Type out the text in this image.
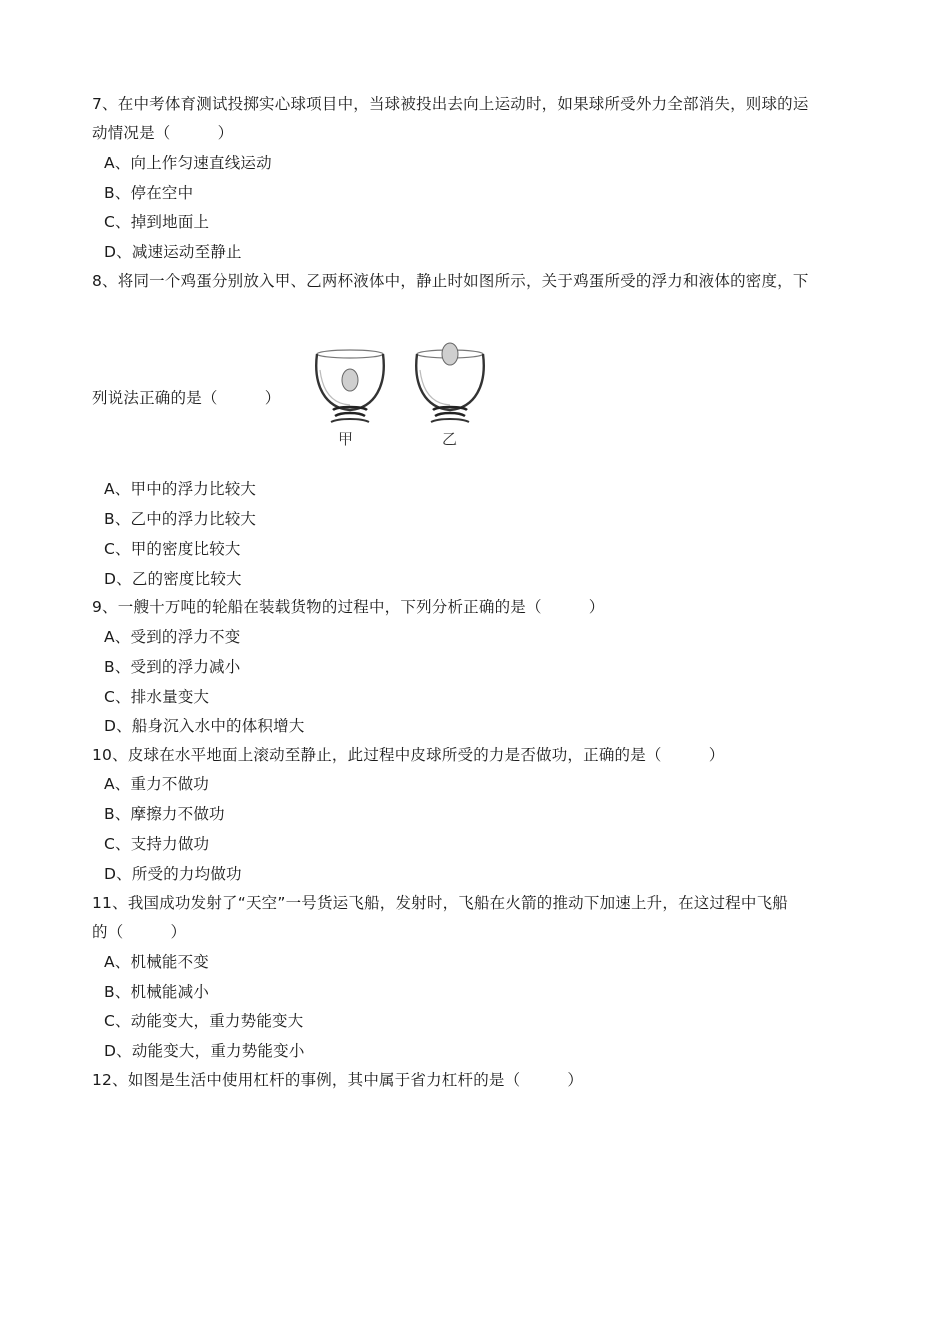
7、在中考体育测试投掷实心球项目中，当球被投出去向上运动时，如果球所受外力全部消失，则球的运
动情况是（　　　）
A、向上作匀速直线运动
B、停在空中
C、掉到地面上
D、减速运动至静止
8、将同一个鸡蛋分别放入甲、乙两杯液体中，静止时如图所示，关于鸡蛋所受的浮力和液体的密度，下
列说法正确的是（　　　）
甲	乙
A、甲中的浮力比较大
B、乙中的浮力比较大
C、甲的密度比较大
D、乙的密度比较大
9、一艘十万吨的轮船在装载货物的过程中，下列分析正确的是（　　　）
A、受到的浮力不变
B、受到的浮力减小
C、排水量变大
D、船身沉入水中的体积增大
10、皮球在水平地面上滚动至静止，此过程中皮球所受的力是否做功，正确的是（　　　）
A、重力不做功
B、摩擦力不做功
C、支持力做功
D、所受的力均做功
11、我国成功发射了“天空”一号货运飞船，发射时，飞船在火箭的推动下加速上升，在这过程中飞船
的（　　　）
A、机械能不变
B、机械能减小
C、动能变大，重力势能变大
D、动能变大，重力势能变小
12、如图是生活中使用杠杆的事例，其中属于省力杠杆的是（　　　）
